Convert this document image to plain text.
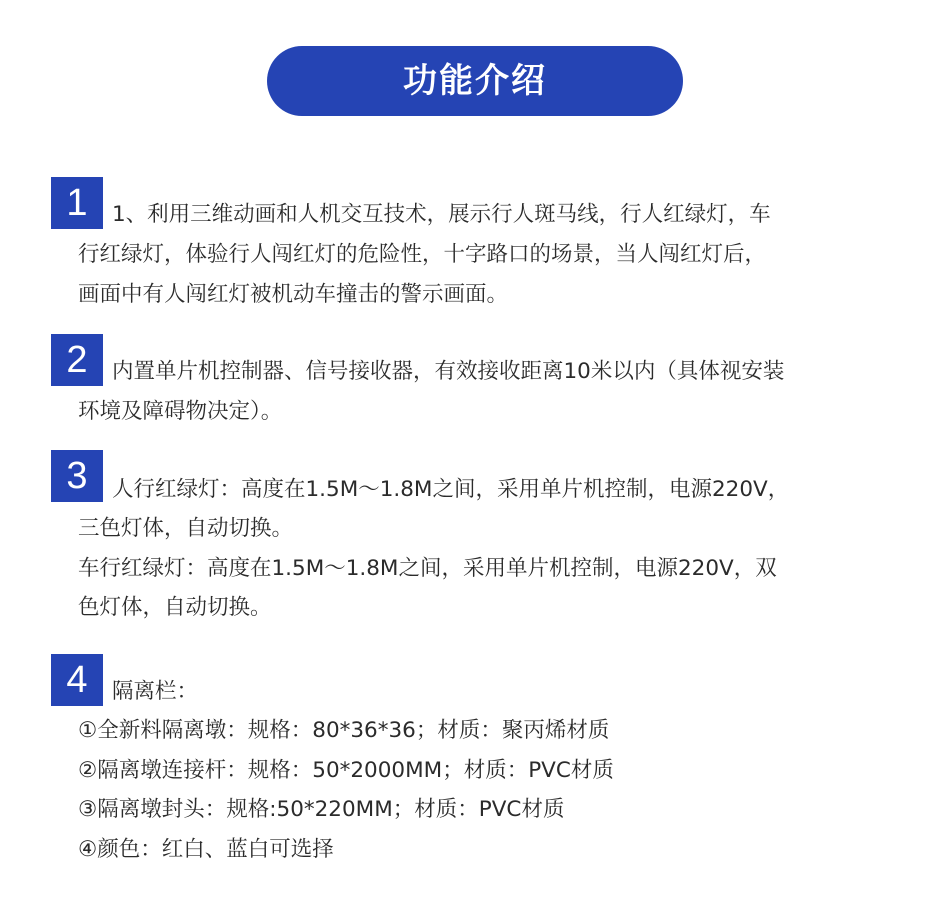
功能介绍
1	1、利用三维动画和人机交互技术，展示行人斑马线，行人红绿灯，车
行红绿灯，体验行人闯红灯的危险性，十字路口的场景，当人闯红灯后，
画面中有人闯红灯被机动车撞击的警示画面。
2	内置单片机控制器、信号接收器，有效接收距离10米以内（具体视安装
环境及障碍物决定）。
3	人行红绿灯：高度在1.5M～1.8M之间，采用单片机控制，电源220V，
三色灯体，自动切换。
车行红绿灯：高度在1.5M～1.8M之间，采用单片机控制，电源220V，双
色灯体，自动切换。
4	隔离栏：
①全新料隔离墩：规格：80*36*36；材质：聚丙烯材质
②隔离墩连接杆：规格：50*2000MM；材质：PVC材质
③隔离墩封头：规格:50*220MM；材质：PVC材质
④颜色：红白、蓝白可选择
